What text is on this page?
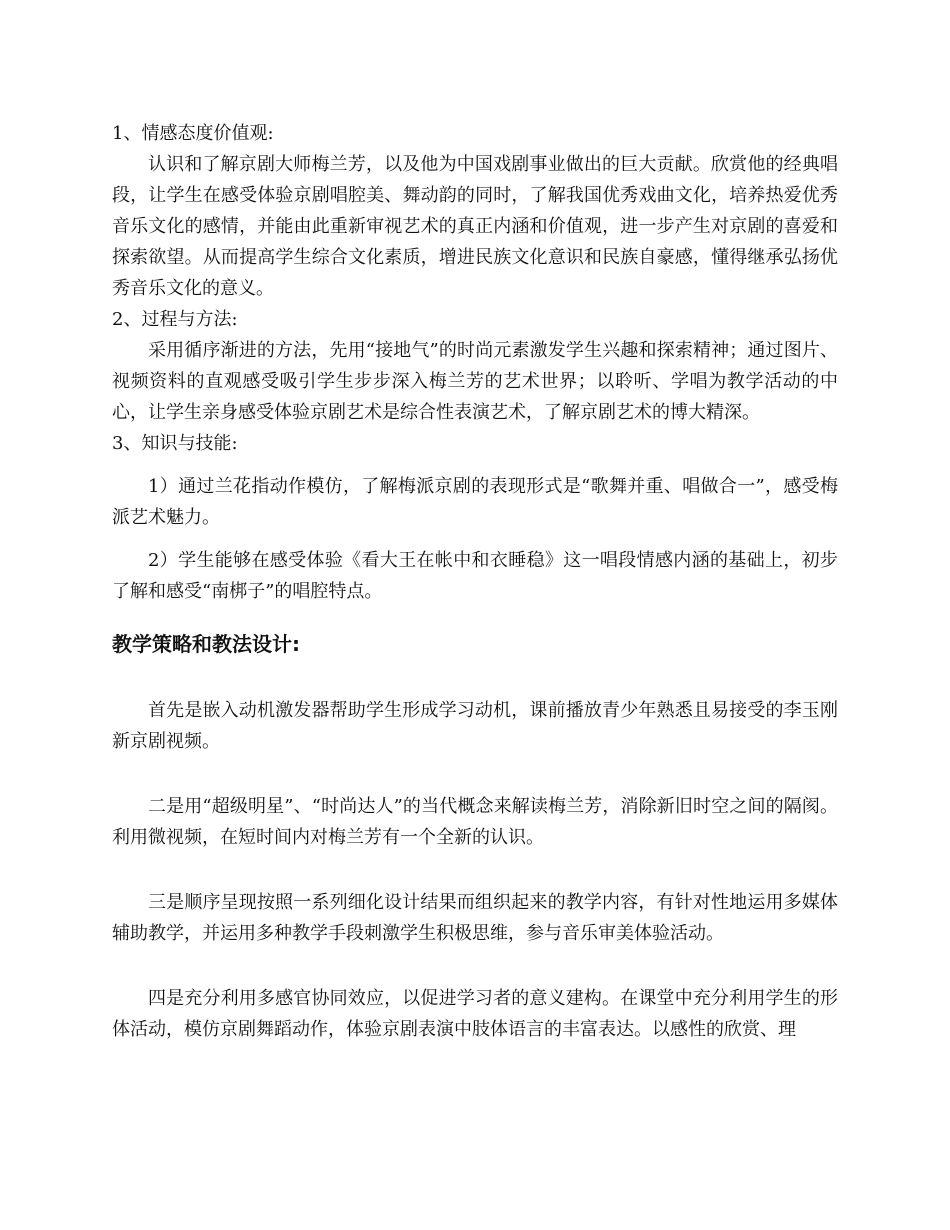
1、情感态度价值观:

认识和了解京剧大师梅兰芳，以及他为中国戏剧事业做出的巨大贡献。欣赏他的经典唱段，让学生在感受体验京剧唱腔美、舞动韵的同时，了解我国优秀戏曲文化，培养热爱优秀音乐文化的感情，并能由此重新审视艺术的真正内涵和价值观，进一步产生对京剧的喜爱和探索欲望。从而提高学生综合文化素质，增进民族文化意识和民族自豪感，懂得继承弘扬优秀音乐文化的意义。

2、过程与方法:

采用循序渐进的方法，先用“接地气”的时尚元素激发学生兴趣和探索精神；通过图片、视频资料的直观感受吸引学生步步深入梅兰芳的艺术世界；以聆听、学唱为教学活动的中心，让学生亲身感受体验京剧艺术是综合性表演艺术，了解京剧艺术的博大精深。

3、知识与技能:

1）通过兰花指动作模仿，了解梅派京剧的表现形式是“歌舞并重、唱做合一”，感受梅派艺术魅力。

2）学生能够在感受体验《看大王在帐中和衣睡稳》这一唱段情感内涵的基础上，初步了解和感受“南梆子”的唱腔特点。

教学策略和教法设计:

首先是嵌入动机激发器帮助学生形成学习动机，课前播放青少年熟悉且易接受的李玉刚新京剧视频。

二是用“超级明星”、“时尚达人”的当代概念来解读梅兰芳，消除新旧时空之间的隔阂。利用微视频，在短时间内对梅兰芳有一个全新的认识。

三是顺序呈现按照一系列细化设计结果而组织起来的教学内容，有针对性地运用多媒体辅助教学，并运用多种教学手段刺激学生积极思维，参与音乐审美体验活动。

四是充分利用多感官协同效应，以促进学习者的意义建构。在课堂中充分利用学生的形体活动，模仿京剧舞蹈动作，体验京剧表演中肢体语言的丰富表达。以感性的欣赏、理
